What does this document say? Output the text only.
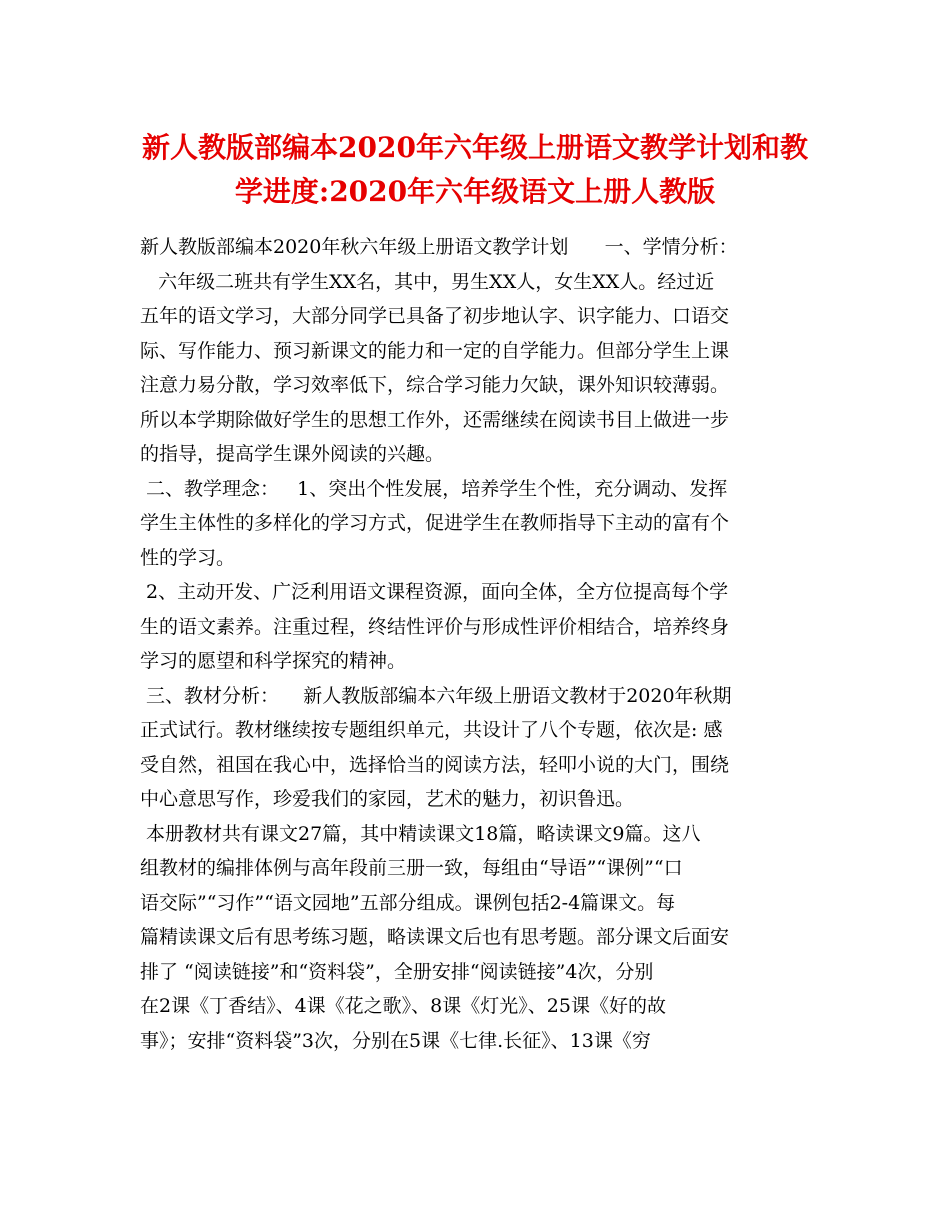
新人教版部编本2020年六年级上册语文教学计划和教
学进度:2020年六年级语文上册人教版
新人教版部编本2020年秋六年级上册语文教学计划      一、学情分析：
六年级二班共有学生XX名，其中，男生XX人，女生XX人。经过近
五年的语文学习，大部分同学已具备了初步地认字、识字能力、口语交
际、写作能力、预习新课文的能力和一定的自学能力。但部分学生上课
注意力易分散，学习效率低下，综合学习能力欠缺，课外知识较薄弱。
所以本学期除做好学生的思想工作外，还需继续在阅读书目上做进一步
的指导，提高学生课外阅读的兴趣。
二、教学理念：   1、突出个性发展，培养学生个性，充分调动、发挥
学生主体性的多样化的学习方式，促进学生在教师指导下主动的富有个
性的学习。
2、主动开发、广泛利用语文课程资源，面向全体，全方位提高每个学
生的语文素养。注重过程，终结性评价与形成性评价相结合，培养终身
学习的愿望和科学探究的精神。
三、教材分析：    新人教版部编本六年级上册语文教材于2020年秋期
正式试行。教材继续按专题组织单元，共设计了八个专题，依次是: 感
受自然，祖国在我心中，选择恰当的阅读方法，轻叩小说的大门，围绕
中心意思写作，珍爱我们的家园，艺术的魅力，初识鲁迅。
本册教材共有课文27篇，其中精读课文18篇，略读课文9篇。这八
组教材的编排体例与高年段前三册一致，每组由“导语”“课例”“口
语交际”“习作”“语文园地”五部分组成。课例包括2-4篇课文。每
篇精读课文后有思考练习题，略读课文后也有思考题。部分课文后面安
排了 “阅读链接”和“资料袋”，全册安排“阅读链接”4次，分别
在2课《丁香结》、4课《花之歌》、8课《灯光》、25课《好的故
事》；安排“资料袋”3次，分别在5课《七律.长征》、13课《穷
